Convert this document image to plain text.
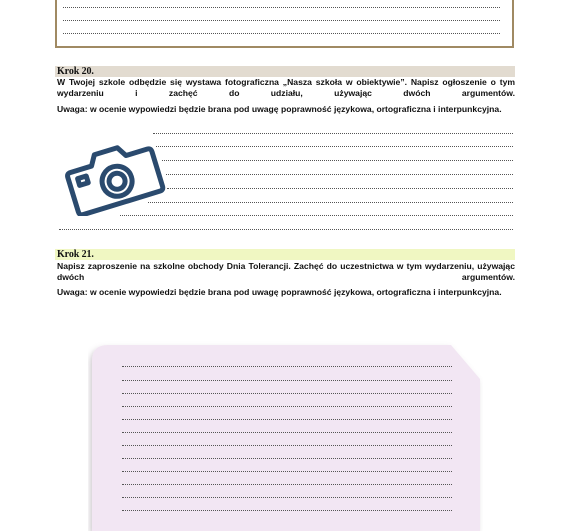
Krok 20.

W Twojej szkole odbędzie się wystawa fotograficzna „Nasza szkoła w obiektywie”. Napisz ogłoszenie o tym wydarzeniu i zachęć do udziału, używając dwóch argumentów.

Uwaga: w ocenie wypowiedzi będzie brana pod uwagę poprawność językowa, ortograficzna i interpunkcyjna.

Krok 21.

Napisz zaproszenie na szkolne obchody Dnia Tolerancji. Zachęć do uczestnictwa w tym wydarzeniu, używając dwóch argumentów.

Uwaga: w ocenie wypowiedzi będzie brana pod uwagę poprawność językowa, ortograficzna i interpunkcyjna.
